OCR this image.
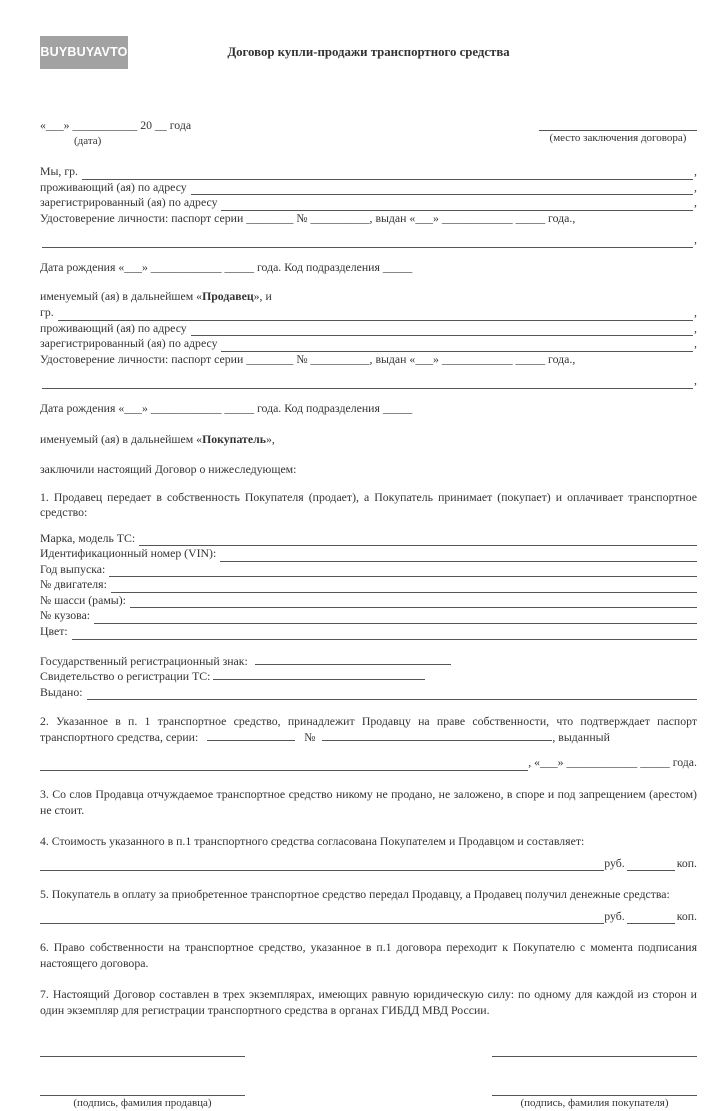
BUYBUYAVTO	Договор купли-продажи транспортного средства
«___» ___________ 20 __ года
(дата)	(место заключения договора)
Мы, гр.	,
проживающий (ая) по адресу	,
зарегистрированный (ая) по адресу	,
Удостоверение личности: паспорт серии ________ № __________, выдан «___» ____________ _____ года.,
,
Дата рождения «___» ____________ _____ года. Код подразделения _____
именуемый (ая) в дальнейшем «Продавец», и
гр.	,
проживающий (ая) по адресу	,
зарегистрированный (ая) по адресу	,
Удостоверение личности: паспорт серии ________ № __________, выдан «___» ____________ _____ года.,
,
Дата рождения «___» ____________ _____ года. Код подразделения _____
именуемый (ая) в дальнейшем «Покупатель»,
заключили настоящий Договор о нижеследующем:

1. Продавец передает в собственность Покупателя (продает), а Покупатель принимает (покупает) и оплачивает транспортное средство:

Марка, модель ТС:
Идентификационный номер (VIN):
Год выпуска:
№ двигателя:
№ шасси (рамы):
№ кузова:
Цвет:
Государственный регистрационный знак:
Свидетельство о регистрации ТС:
Выдано:

2. Указанное в п. 1 транспортное средство, принадлежит Продавцу на праве собственности, что подтверждает паспорт транспортного средства, серии:	№	, выданный

, «___» ____________ _____ года.

3. Со слов Продавца отчуждаемое транспортное средство никому не продано, не заложено, в споре и под запрещением (арестом) не стоит.

4. Стоимость указанного в п.1 транспортного средства согласована Покупателем и Продавцом и составляет:
руб.	коп.

5. Покупатель в оплату за приобретенное транспортное средство передал Продавцу, а Продавец получил денежные средства:

руб.	коп.

6. Право собственности на транспортное средство, указанное в п.1 договора переходит к Покупателю с момента подписания настоящего договора.

7. Настоящий Договор составлен в трех экземплярах, имеющих равную юридическую силу: по одному для каждой из сторон и один экземпляр для регистрации транспортного средства в органах ГИБДД МВД России.

(подпись, фамилия продавца)	(подпись, фамилия покупателя)
